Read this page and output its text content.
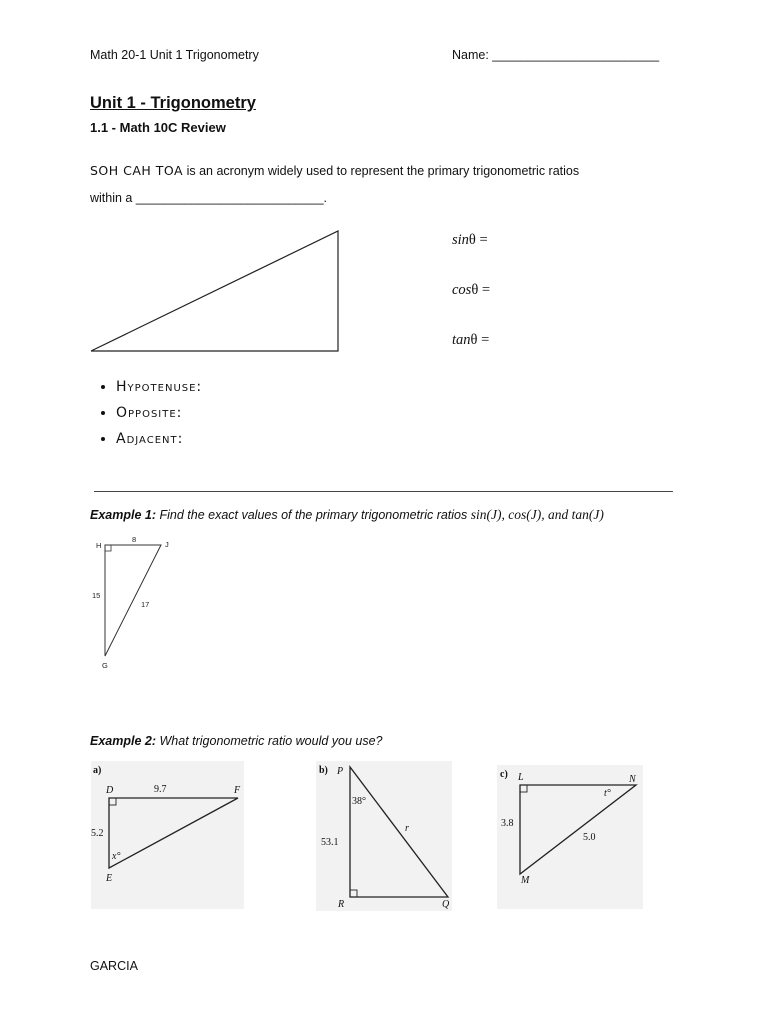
Math 20-1 Unit 1 Trigonometry	Name: ________________________
Unit 1 - Trigonometry
1.1 - Math 10C Review
SOH CAH TOA is an acronym widely used to represent the primary trigonometric ratios
within a ___________________________.
sinθ =
cosθ =
tanθ =
• Hypotenuse:
• Opposite:
• Adjacent:
Example 1: Find the exact values of the primary trigonometric ratios sin(J), cos(J), and tan(J)
H	J
G
8
15
17
Example 2: What trigonometric ratio would you use?
a)
D	F
E
9.7
5.2
x°
b) P
R	Q
38°
53.1
r
c) L	N
M
3.8
5.0
t°
GARCIA
